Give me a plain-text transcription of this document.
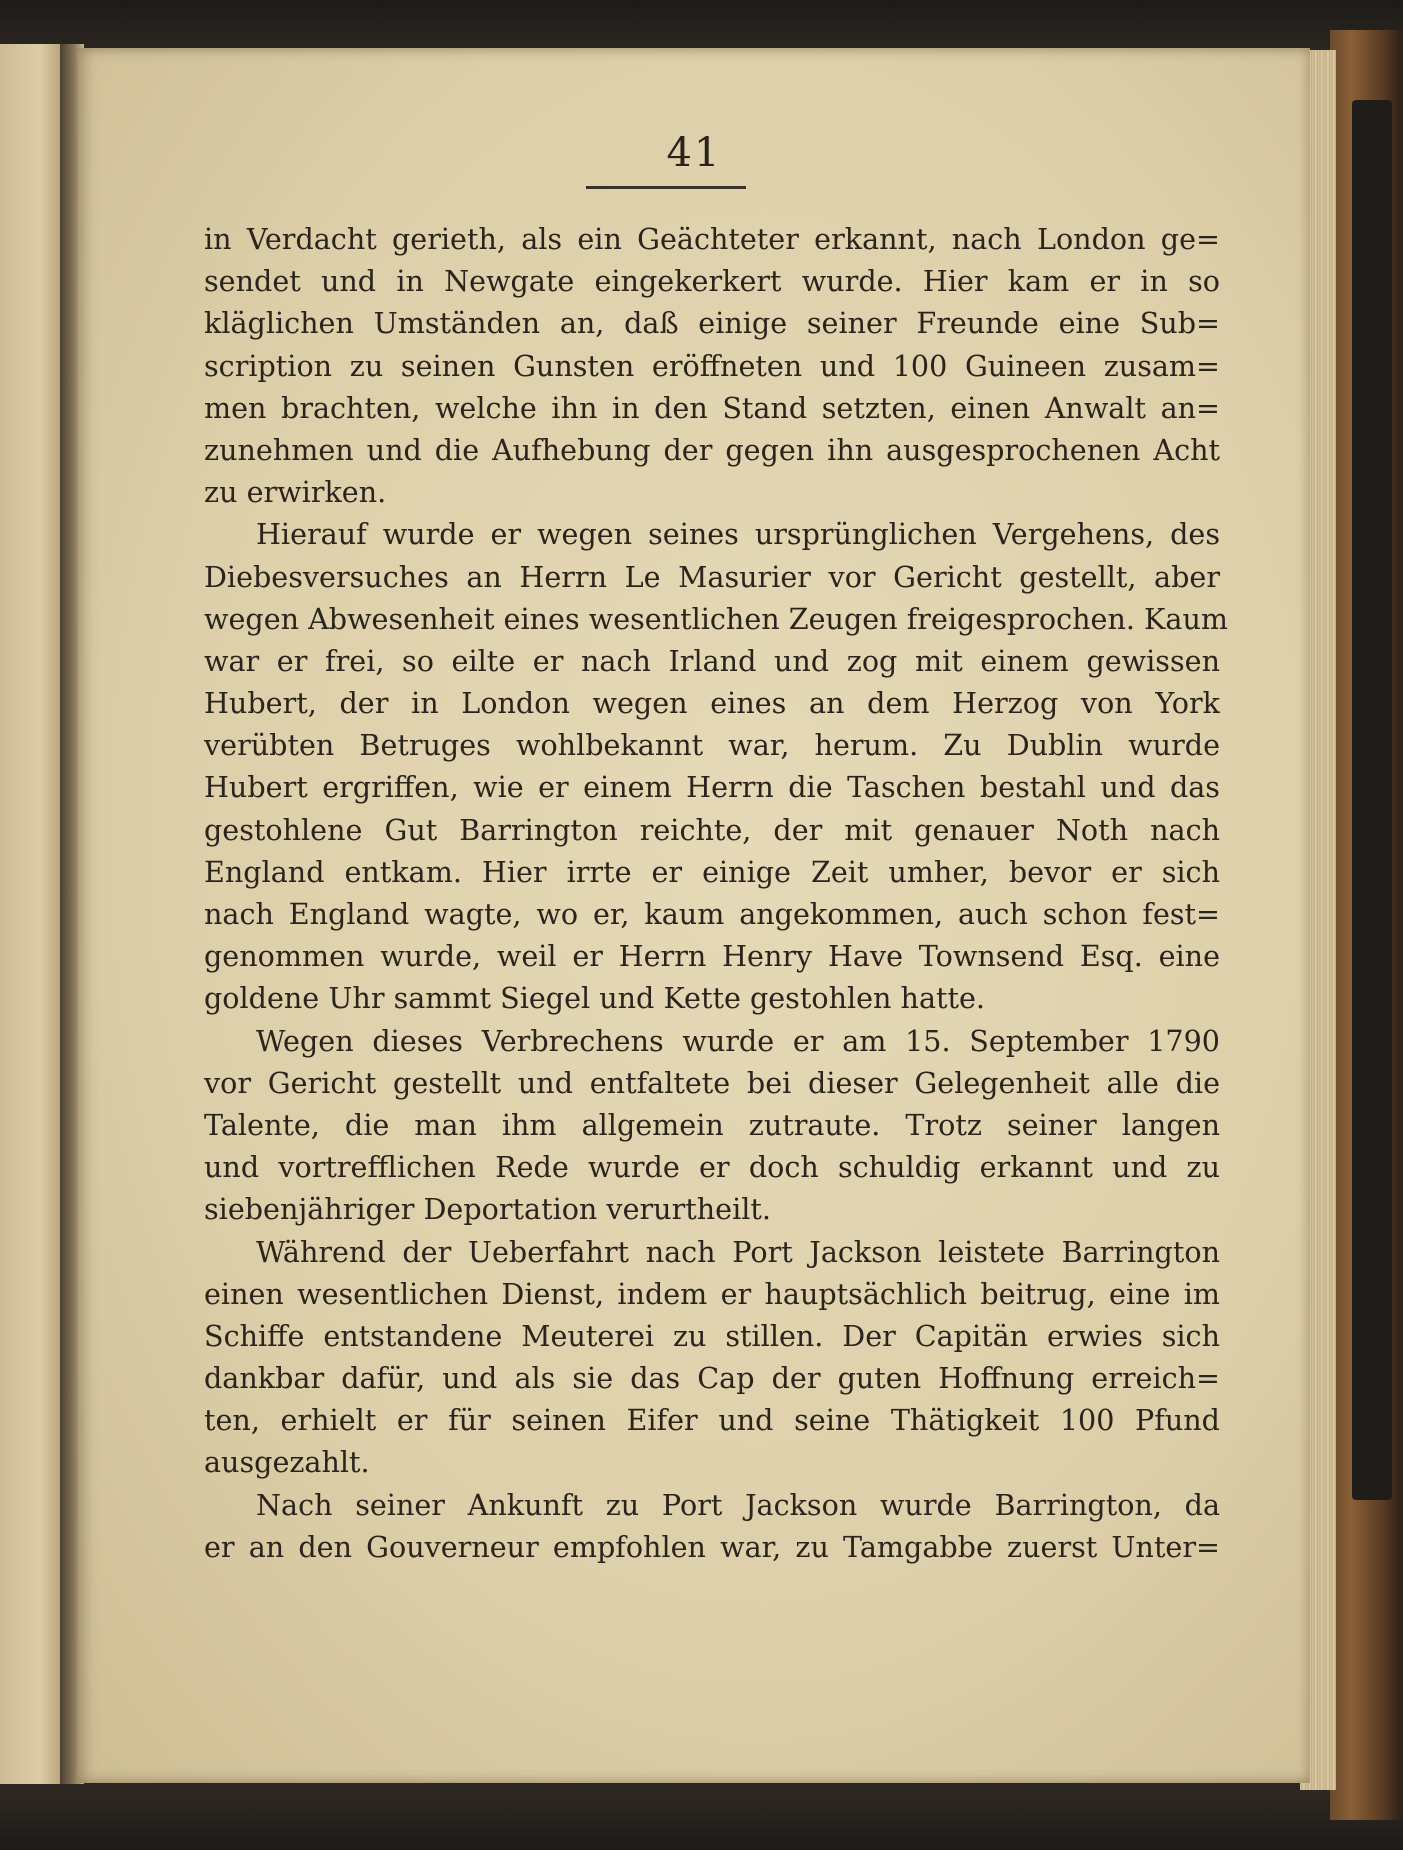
41
in Verdacht gerieth, als ein Geächteter erkannt, nach London ge=
sendet und in Newgate eingekerkert wurde. Hier kam er in so
kläglichen Umständen an, daß einige seiner Freunde eine Sub=
scription zu seinen Gunsten eröffneten und 100 Guineen zusam=
men brachten, welche ihn in den Stand setzten, einen Anwalt an=
zunehmen und die Aufhebung der gegen ihn ausgesprochenen Acht
zu erwirken.
Hierauf wurde er wegen seines ursprünglichen Vergehens, des
Diebesversuches an Herrn Le Masurier vor Gericht gestellt, aber
wegen Abwesenheit eines wesentlichen Zeugen freigesprochen. Kaum
war er frei, so eilte er nach Irland und zog mit einem gewissen
Hubert, der in London wegen eines an dem Herzog von York
verübten Betruges wohlbekannt war, herum. Zu Dublin wurde
Hubert ergriffen, wie er einem Herrn die Taschen bestahl und das
gestohlene Gut Barrington reichte, der mit genauer Noth nach
England entkam. Hier irrte er einige Zeit umher, bevor er sich
nach England wagte, wo er, kaum angekommen, auch schon fest=
genommen wurde, weil er Herrn Henry Have Townsend Esq. eine
goldene Uhr sammt Siegel und Kette gestohlen hatte.
Wegen dieses Verbrechens wurde er am 15. September 1790
vor Gericht gestellt und entfaltete bei dieser Gelegenheit alle die
Talente, die man ihm allgemein zutraute. Trotz seiner langen
und vortrefflichen Rede wurde er doch schuldig erkannt und zu
siebenjähriger Deportation verurtheilt.
Während der Ueberfahrt nach Port Jackson leistete Barrington
einen wesentlichen Dienst, indem er hauptsächlich beitrug, eine im
Schiffe entstandene Meuterei zu stillen. Der Capitän erwies sich
dankbar dafür, und als sie das Cap der guten Hoffnung erreich=
ten, erhielt er für seinen Eifer und seine Thätigkeit 100 Pfund
ausgezahlt.
Nach seiner Ankunft zu Port Jackson wurde Barrington, da
er an den Gouverneur empfohlen war, zu Tamgabbe zuerst Unter=
